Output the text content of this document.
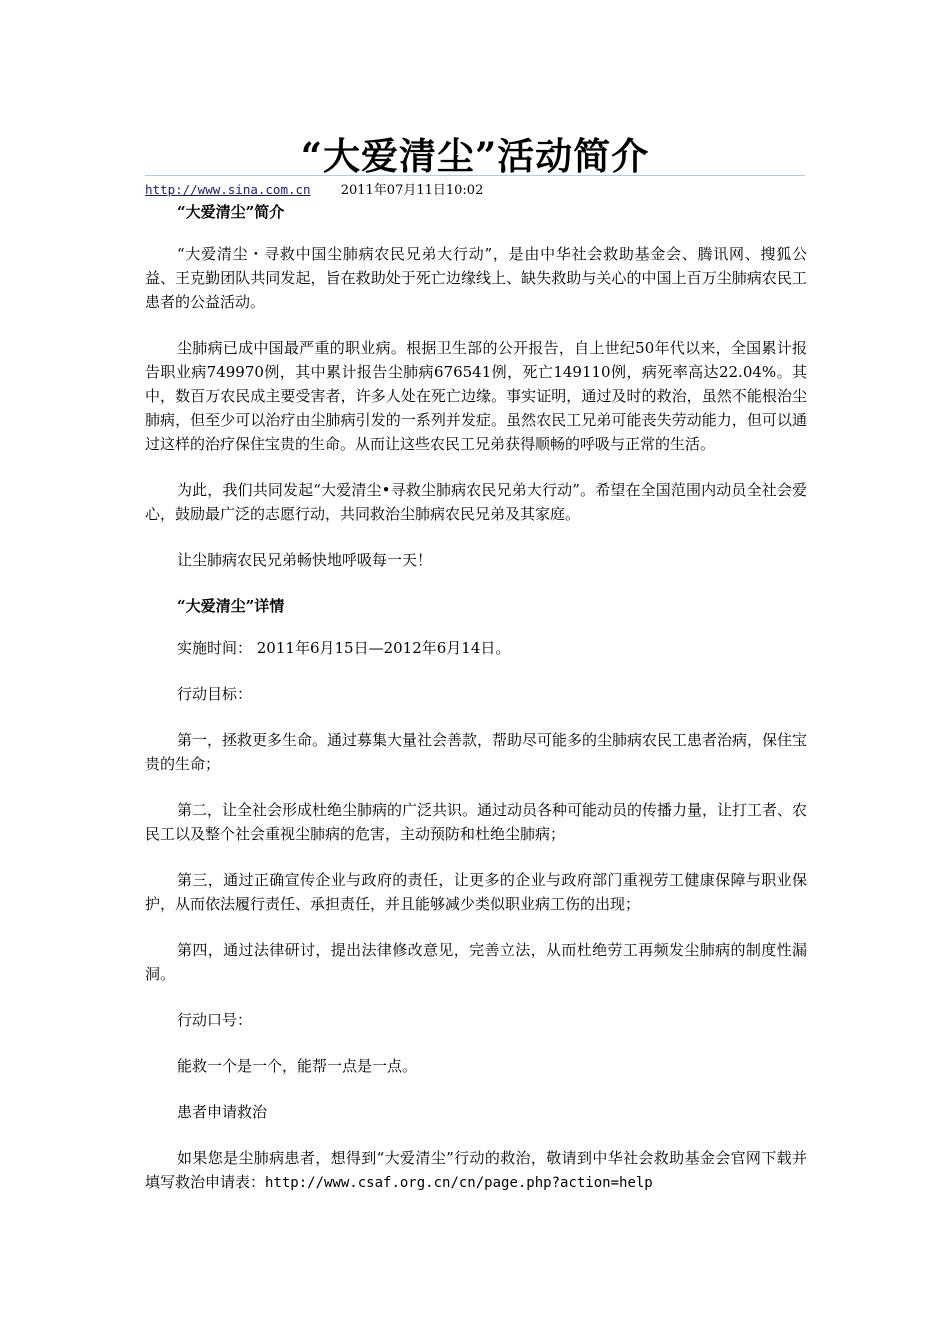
“大爱清尘”活动简介
http://www.sina.com.cn 2011年07月11日10:02

“大爱清尘”简介

“大爱清尘・寻救中国尘肺病农民兄弟大行动”，是由中华社会救助基金会、腾讯网、搜狐公益、王克勤团队共同发起，旨在救助处于死亡边缘线上、缺失救助与关心的中国上百万尘肺病农民工患者的公益活动。

尘肺病已成中国最严重的职业病。根据卫生部的公开报告，自上世纪50年代以来，全国累计报告职业病749970例，其中累计报告尘肺病676541例，死亡149110例，病死率高达22.04%。其中，数百万农民成主要受害者，许多人处在死亡边缘。事实证明，通过及时的救治，虽然不能根治尘肺病，但至少可以治疗由尘肺病引发的一系列并发症。虽然农民工兄弟可能丧失劳动能力，但可以通过这样的治疗保住宝贵的生命。从而让这些农民工兄弟获得顺畅的呼吸与正常的生活。

为此，我们共同发起“大爱清尘•寻救尘肺病农民兄弟大行动”。希望在全国范围内动员全社会爱心，鼓励最广泛的志愿行动，共同救治尘肺病农民兄弟及其家庭。

让尘肺病农民兄弟畅快地呼吸每一天！

“大爱清尘”详情

实施时间： 2011年6月15日—2012年6月14日。

行动目标：

第一，拯救更多生命。通过募集大量社会善款，帮助尽可能多的尘肺病农民工患者治病，保住宝贵的生命；

第二，让全社会形成杜绝尘肺病的广泛共识。通过动员各种可能动员的传播力量，让打工者、农民工以及整个社会重视尘肺病的危害，主动预防和杜绝尘肺病；

第三，通过正确宣传企业与政府的责任，让更多的企业与政府部门重视劳工健康保障与职业保护，从而依法履行责任、承担责任，并且能够减少类似职业病工伤的出现；

第四，通过法律研讨，提出法律修改意见，完善立法，从而杜绝劳工再频发尘肺病的制度性漏洞。

行动口号：

能救一个是一个，能帮一点是一点。

患者申请救治

如果您是尘肺病患者，想得到“大爱清尘”行动的救治，敬请到中华社会救助基金会官网下载并填写救治申请表：http://www.csaf.org.cn/cn/page.php?action=help
